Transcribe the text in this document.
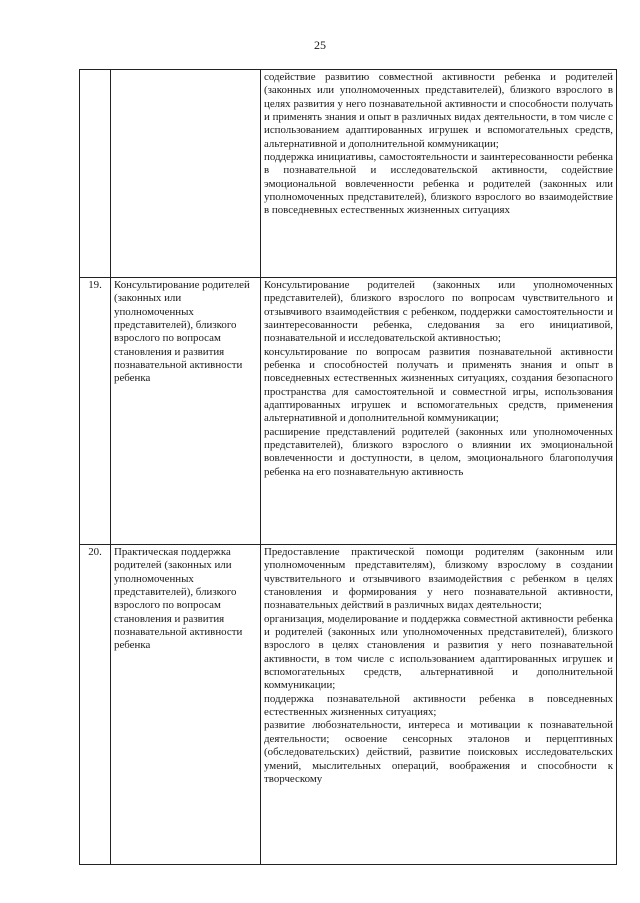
25

		содействие развитию совместной активности ребенка и родителей (законных или уполномоченных представителей), близкого взрослого в целях развития у него познавательной активности и способности получать и применять знания и опыт в различных видах деятельности, в том числе с использованием адаптированных игрушек и вспомогательных средств, альтернативной и дополнительной коммуникации;
поддержка инициативы, самостоятельности и заинтересованности ребенка в познавательной и исследовательской активности, содействие эмоциональной вовлеченности ребенка и родителей (законных или уполномоченных представителей), близкого взрослого во взаимодействие в повседневных естественных жизненных ситуациях

19.	Консультирование родителей (законных или уполномоченных представителей), близкого взрослого по вопросам становления и развития познавательной активности ребенка	Консультирование родителей (законных или уполномоченных представителей), близкого взрослого по вопросам чувствительного и отзывчивого взаимодействия с ребенком, поддержки самостоятельности и заинтересованности ребенка, следования за его инициативой, познавательной и исследовательской активностью;
консультирование по вопросам развития познавательной активности ребенка и способностей получать и применять знания и опыт в повседневных естественных жизненных ситуациях, создания безопасного пространства для самостоятельной и совместной игры, использования адаптированных игрушек и вспомогательных средств, применения альтернативной и дополнительной коммуникации;
расширение представлений родителей (законных или уполномоченных представителей), близкого взрослого о влиянии их эмоциональной вовлеченности и доступности, в целом, эмоционального благополучия ребенка на его познавательную активность

20.	Практическая поддержка родителей (законных или уполномоченных представителей), близкого взрослого по вопросам становления и развития познавательной активности ребенка	Предоставление практической помощи родителям (законным или уполномоченным представителям), близкому взрослому в создании чувствительного и отзывчивого взаимодействия с ребенком в целях становления и формирования у него познавательной активности, познавательных действий в различных видах деятельности;
организация, моделирование и поддержка совместной активности ребенка и родителей (законных или уполномоченных представителей), близкого взрослого в целях становления и развития у него познавательной активности, в том числе с использованием адаптированных игрушек и вспомогательных средств, альтернативной и дополнительной коммуникации;
поддержка познавательной активности ребенка в повседневных естественных жизненных ситуациях;
развитие любознательности, интереса и мотивации к познавательной деятельности; освоение сенсорных эталонов и перцептивных (обследовательских) действий, развитие поисковых исследовательских умений, мыслительных операций, воображения и способности к творческому
